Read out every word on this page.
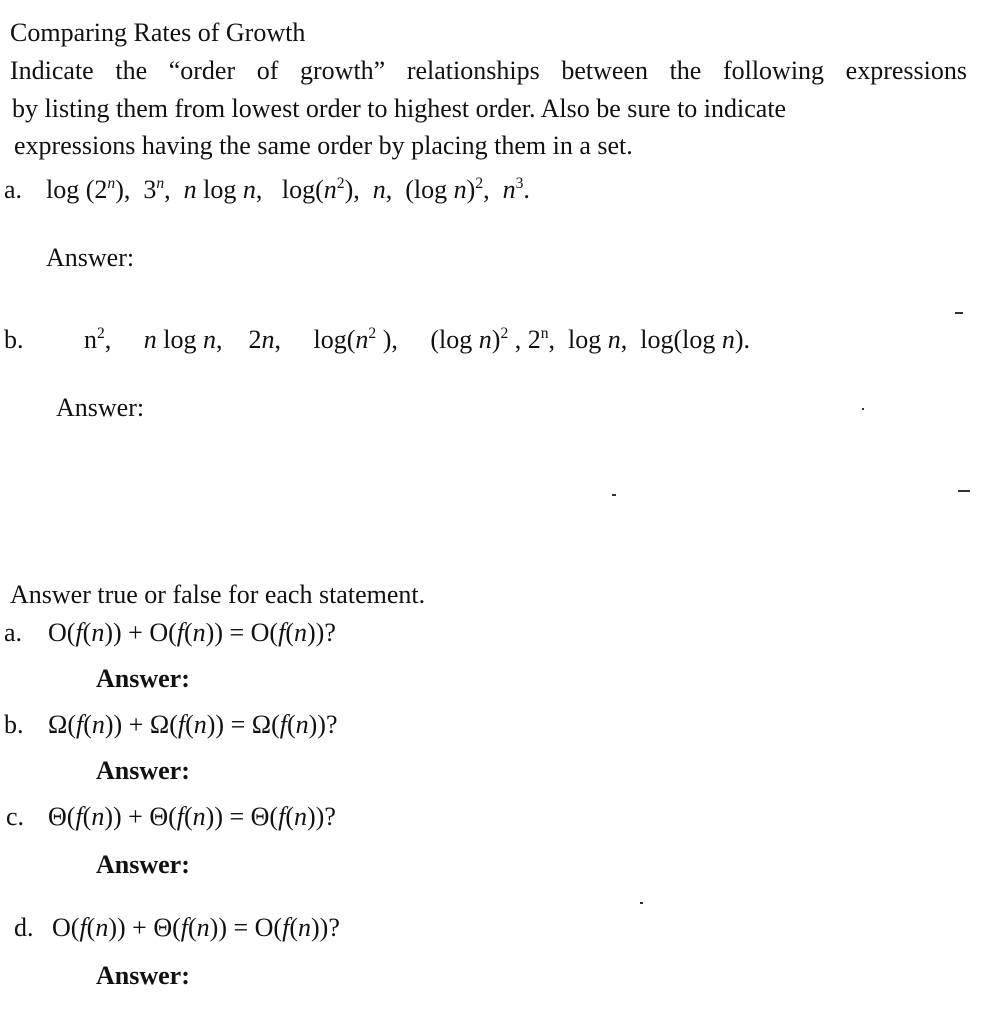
Comparing Rates of Growth
Indicate the “order of growth” relationships between the following expressions
by listing them from lowest order to highest order. Also be sure to indicate
expressions having the same order by placing them in a set.
a. log (2$^n$),  3$^n$,  n log n,   $\log(n^2)$,  n,  (log n)$^2$,  $n^3$.
Answer:
b. $n^2$,     n log n,    2n,     $\log(n^2$ ),     (log n)$^2$ , 2$^n$,  log n,  log(log n).
Answer:
Answer true or false for each statement.
a. O(f(n)) + O(f(n)) = O(f(n))?
Answer:
b. Ω(f(n)) + Ω(f(n)) = Ω(f(n))?
Answer:
c. Θ(f(n)) + Θ(f(n)) = Θ(f(n))?
Answer:
d. O(f(n)) + Θ(f(n)) = O(f(n))?
Answer:
